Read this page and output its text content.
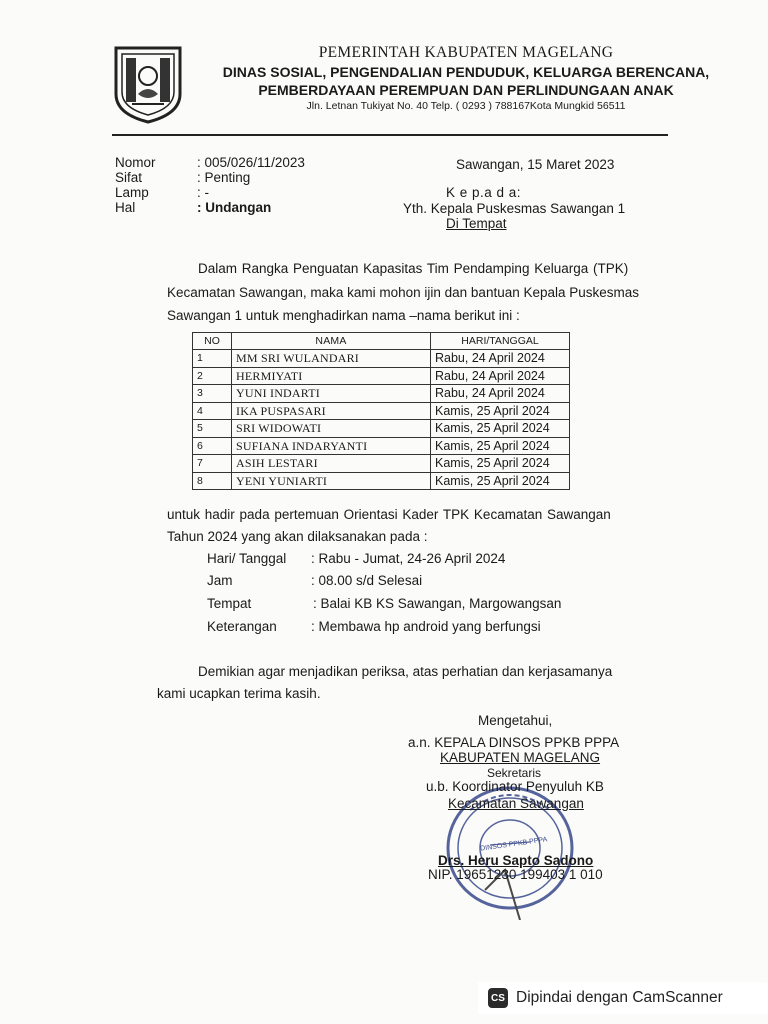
PEMERINTAH KABUPATEN MAGELANG
DINAS SOSIAL, PENGENDALIAN PENDUDUK, KELUARGA BERENCANA,
PEMBERDAYAAN PEREMPUAN DAN PERLINDUNGAAN ANAK
Jln. Letnan Tukiyat No. 40 Telp. ( 0293 ) 788167Kota Mungkid 56511
Nomor	: 005/026/11/2023
Sifat	: Penting
Lamp	: -
Hal	: Undangan
Sawangan, 15 Maret 2023
K e p.a d a:
Yth. Kepala Puskesmas Sawangan 1
Di Tempat
Dalam Rangka Penguatan Kapasitas Tim Pendamping Keluarga (TPK)
Kecamatan Sawangan, maka kami mohon ijin dan bantuan Kepala Puskesmas
Sawangan 1 untuk menghadirkan nama –nama berikut ini :
NO	NAMA	HARI/TANGGAL
1	MM SRI WULANDARI	Rabu, 24 April 2024
2	HERMIYATI	Rabu, 24 April 2024
3	YUNI INDARTI	Rabu, 24 April 2024
4	IKA PUSPASARI	Kamis, 25 April 2024
5	SRI WIDOWATI	Kamis, 25 April 2024
6	SUFIANA INDARYANTI	Kamis, 25 April 2024
7	ASIH LESTARI	Kamis, 25 April 2024
8	YENI YUNIARTI	Kamis, 25 April 2024
untuk hadir pada pertemuan Orientasi Kader TPK Kecamatan Sawangan
Tahun 2024 yang akan dilaksanakan pada :
Hari/ Tanggal : Rabu - Jumat, 24-26 April 2024
Jam	: 08.00 s/d Selesai
Tempat	: Balai KB KS Sawangan, Margowangsan
Keterangan	: Membawa hp android yang berfungsi
Demikian agar menjadikan periksa, atas perhatian dan kerjasamanya
kami ucapkan terima kasih.
DINSOS PPKB PPPA
Mengetahui,
a.n. KEPALA DINSOS PPKB PPPA
KABUPATEN MAGELANG
Sekretaris
u.b. Koordinator Penyuluh KB
Kecamatan Sawangan
Drs. Heru Sapto Sadono
NIP. 19651230 199403 1 010
CS Dipindai dengan CamScanner
